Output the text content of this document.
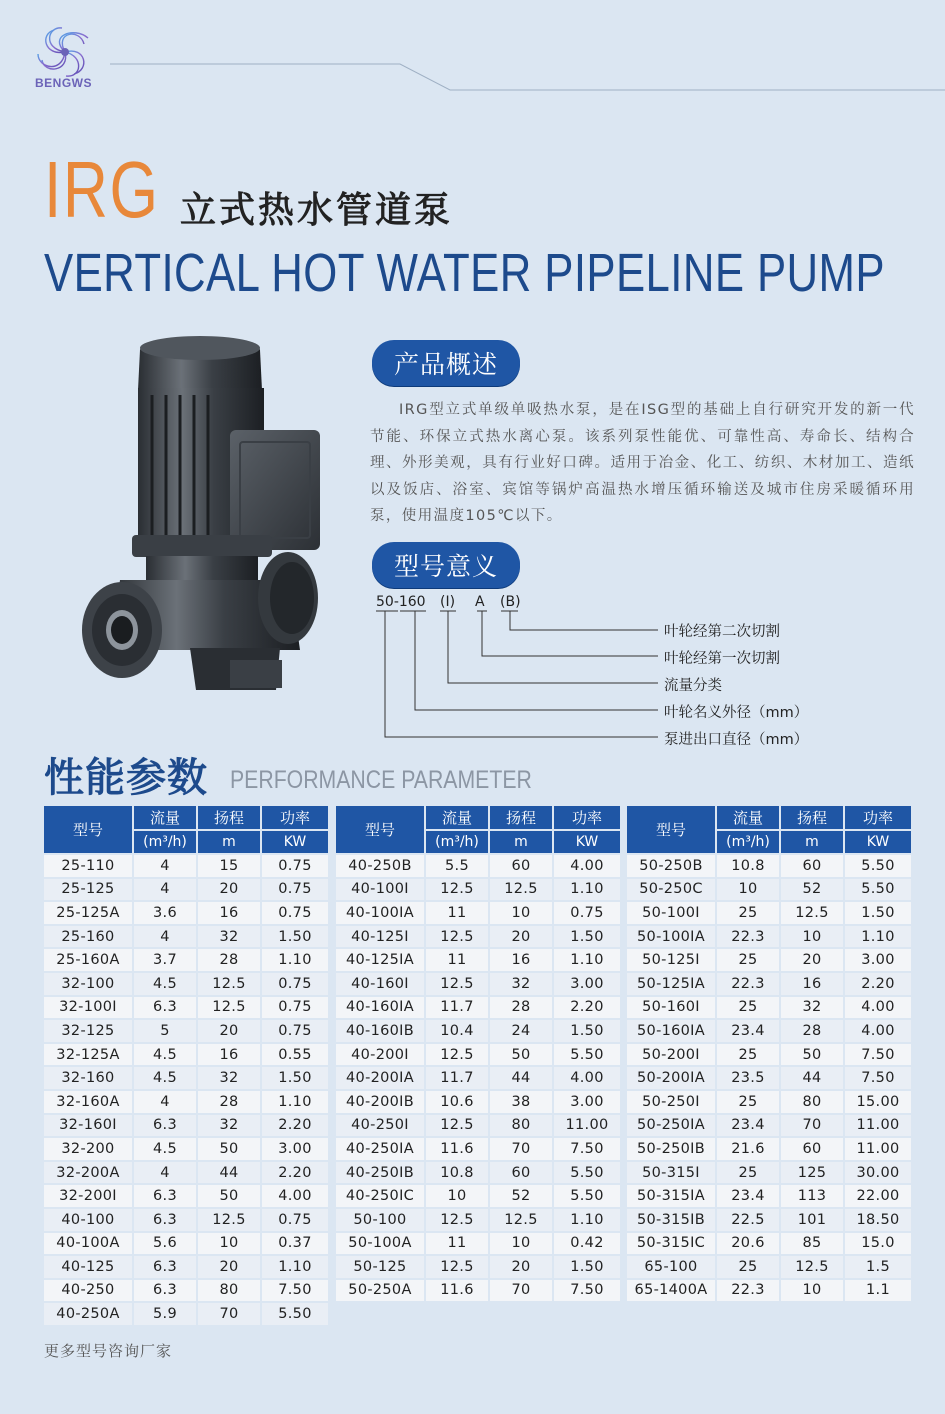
BENGWS
IRG 立式热水管道泵
VERTICAL HOT WATER PIPELINE PUMP
产品概述
IRG型立式单级单吸热水泵，是在ISG型的基础上自行研究开发的新一代节能、环保立式热水离心泵。该系列泵性能优、可靠性高、寿命长、结构合理、外形美观，具有行业好口碑。适用于冶金、化工、纺织、木材加工、造纸以及饭店、浴室、宾馆等锅炉高温热水增压循环输送及城市住房采暖循环用泵，使用温度105℃以下。
型号意义
50-160 (I) A (B)
叶轮经第二次切割
叶轮经第一次切割
流量分类
叶轮名义外径（mm）
泵进出口直径（mm）
性能参数 PERFORMANCE PARAMETER
型号	流量	扬程	功率
	(m³/h)	m	KW
25-110	4	15	0.75
25-125	4	20	0.75
25-125A	3.6	16	0.75
25-160	4	32	1.50
25-160A	3.7	28	1.10
32-100	4.5	12.5	0.75
32-100I	6.3	12.5	0.75
32-125	5	20	0.75
32-125A	4.5	16	0.55
32-160	4.5	32	1.50
32-160A	4	28	1.10
32-160I	6.3	32	2.20
32-200	4.5	50	3.00
32-200A	4	44	2.20
32-200I	6.3	50	4.00
40-100	6.3	12.5	0.75
40-100A	5.6	10	0.37
40-125	6.3	20	1.10
40-250	6.3	80	7.50
40-250A	5.9	70	5.50
型号	流量	扬程	功率
	(m³/h)	m	KW
40-250B	5.5	60	4.00
40-100I	12.5	12.5	1.10
40-100IA	11	10	0.75
40-125I	12.5	20	1.50
40-125IA	11	16	1.10
40-160I	12.5	32	3.00
40-160IA	11.7	28	2.20
40-160IB	10.4	24	1.50
40-200I	12.5	50	5.50
40-200IA	11.7	44	4.00
40-200IB	10.6	38	3.00
40-250I	12.5	80	11.00
40-250IA	11.6	70	7.50
40-250IB	10.8	60	5.50
40-250IC	10	52	5.50
50-100	12.5	12.5	1.10
50-100A	11	10	0.42
50-125	12.5	20	1.50
50-250A	11.6	70	7.50
型号	流量	扬程	功率
	(m³/h)	m	KW
50-250B	10.8	60	5.50
50-250C	10	52	5.50
50-100I	25	12.5	1.50
50-100IA	22.3	10	1.10
50-125I	25	20	3.00
50-125IA	22.3	16	2.20
50-160I	25	32	4.00
50-160IA	23.4	28	4.00
50-200I	25	50	7.50
50-200IA	23.5	44	7.50
50-250I	25	80	15.00
50-250IA	23.4	70	11.00
50-250IB	21.6	60	11.00
50-315I	25	125	30.00
50-315IA	23.4	113	22.00
50-315IB	22.5	101	18.50
50-315IC	20.6	85	15.0
65-100	25	12.5	1.5
65-1400A	22.3	10	1.1
更多型号咨询厂家
